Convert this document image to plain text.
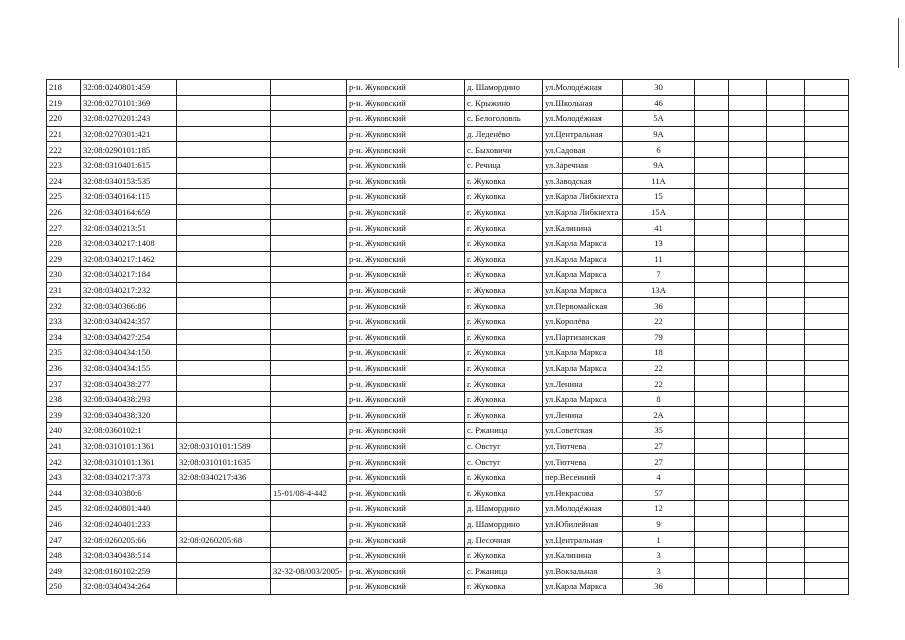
218	32:08:0240801:459			р-н. Жуковский	д. Шамордино	ул.Молодёжная	30				
219	32:08:0270101:369			р-н. Жуковский	с. Крыжино	ул.Школьная	46				
220	32:08:0270201:243			р-н. Жуковский	с. Белоголовль	ул.Молодёжная	5А				
221	32:08:0270301:421			р-н. Жуковский	д. Леденёво	ул.Центральная	9А				
222	32:08:0290101:185			р-н. Жуковский	с. Быховичи	ул.Садовая	6				
223	32:08:0310401:615			р-н. Жуковский	с. Речица	ул.Заречная	9А				
224	32:08:0340153:535			р-н. Жуковский	г. Жуковка	ул.Заводская	11А				
225	32:08:0340164:115			р-н. Жуковский	г. Жуковка	ул.Карла Либкнехта	15				
226	32:08:0340164:659			р-н. Жуковский	г. Жуковка	ул.Карла Либкнехта	15А				
227	32:08:0340213:51			р-н. Жуковский	г. Жуковка	ул.Калинина	41				
228	32:08:0340217:1408			р-н. Жуковский	г. Жуковка	ул.Карла Маркса	13				
229	32:08:0340217:1462			р-н. Жуковский	г. Жуковка	ул.Карла Маркса	11				
230	32:08:0340217:184			р-н. Жуковский	г. Жуковка	ул.Карла Маркса	7				
231	32:08:0340217:232			р-н. Жуковский	г. Жуковка	ул.Карла Маркса	13А				
232	32:08:0340366:86			р-н. Жуковский	г. Жуковка	ул.Первомайская	36				
233	32:08:0340424:357			р-н. Жуковский	г. Жуковка	ул.Королёва	22				
234	32:08:0340427:254			р-н. Жуковский	г. Жуковка	ул.Партизанская	79				
235	32:08:0340434:150			р-н. Жуковский	г. Жуковка	ул.Карла Маркса	18				
236	32:08:0340434:155			р-н. Жуковский	г. Жуковка	ул.Карла Маркса	22				
237	32:08:0340438:277			р-н. Жуковский	г. Жуковка	ул.Ленина	22				
238	32:08:0340438:293			р-н. Жуковский	г. Жуковка	ул.Карла Маркса	8				
239	32:08:0340438:320			р-н. Жуковский	г. Жуковка	ул.Ленина	2А				
240	32:08:0360102:1			р-н. Жуковский	с. Ржаница	ул.Советская	35				
241	32:08:0310101:1361	32:08:0310101:1589		р-н. Жуковский	с. Овстуг	ул.Тютчева	27				
242	32:08:0310101:1361	32:08:0310101:1635		р-н. Жуковский	с. Овстуг	ул.Тютчева	27				
243	32:08:0340217:373	32:08:0340217:436		р-н. Жуковский	г. Жуковка	пер.Весенний	4				
244	32:08:0340380:6		15-01/08-4-442	р-н. Жуковский	г. Жуковка	ул.Некрасова	57				
245	32:08:0240801:440			р-н. Жуковский	д. Шамордино	ул.Молодёжная	12				
246	32:08:0240401:233			р-н. Жуковский	д. Шамордино	ул.Юбилейная	9				
247	32:08:0260205:66	32:08:0260205:68		р-н. Жуковский	д. Песочная	ул.Центральная	1				
248	32:08:0340438:514			р-н. Жуковский	г. Жуковка	ул.Калинина	3				
249	32:08:0160102:259		32-32-08/003/2005-	р-н. Жуковский	с. Ржаница	ул.Вокзальная	3				
250	32:08:0340434:264			р-н. Жуковский	г. Жуковка	ул.Карла Маркса	36				
